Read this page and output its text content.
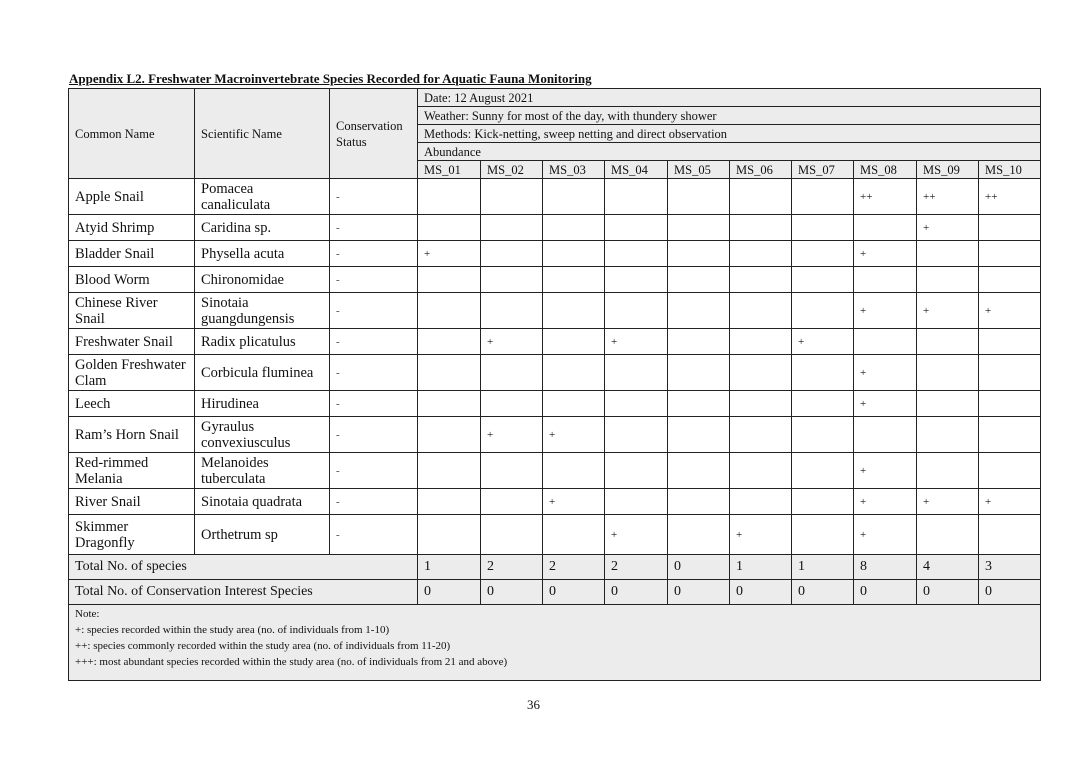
Appendix L2. Freshwater Macroinvertebrate Species Recorded for Aquatic Fauna Monitoring
Common Name	Scientific Name	Conservation Status	Date: 12 August 2021									
			Weather: Sunny for most of the day, with thundery shower									
			Methods: Kick-netting, sweep netting and direct observation									
			Abundance									
			MS_01	MS_02	MS_03	MS_04	MS_05	MS_06	MS_07	MS_08	MS_09	MS_10
Apple Snail	Pomacea canaliculata	-								++	++	++
Atyid Shrimp	Caridina sp.	-									+	
Bladder Snail	Physella acuta	-	+							+		
Blood Worm	Chironomidae	-										
Chinese River Snail	Sinotaia guangdungensis	-								+	+	+
Freshwater Snail	Radix plicatulus	-		+		+			+			
Golden Freshwater Clam	Corbicula fluminea	-								+		
Leech	Hirudinea	-								+		
Ram’s Horn Snail	Gyraulus convexiusculus	-		+	+							
Red-rimmed Melania	Melanoides tuberculata	-								+		
River Snail	Sinotaia quadrata	-			+					+	+	+
Skimmer Dragonfly	Orthetrum sp	-				+		+		+		
Total No. of species			1	2	2	2	0	1	1	8	4	3
Total No. of Conservation Interest Species			0	0	0	0	0	0	0	0	0	0

Note:
+: species recorded within the study area (no. of individuals from 1-10)
++: species commonly recorded within the study area (no. of individuals from 11-20)
+++: most abundant species recorded within the study area (no. of individuals from 21 and above)												
36
